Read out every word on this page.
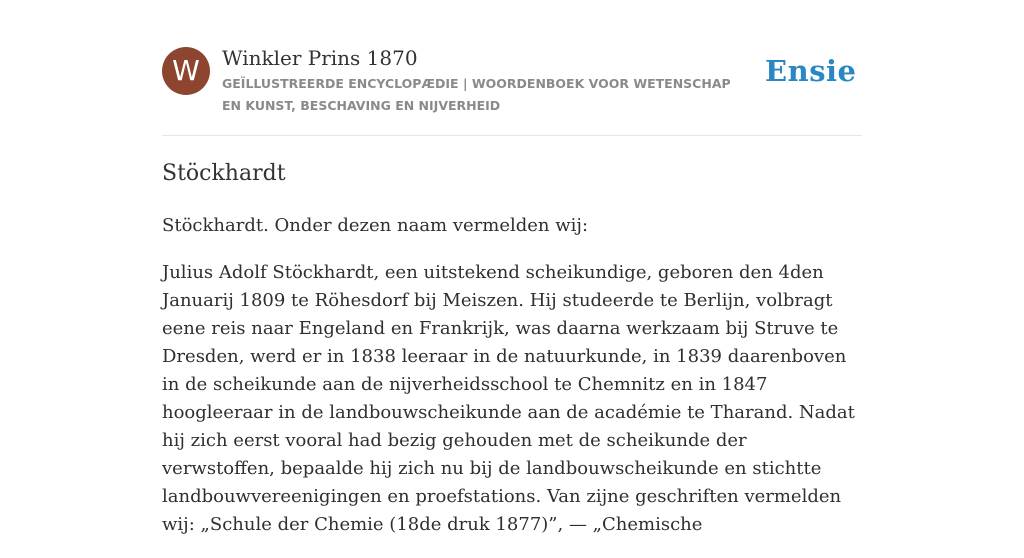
W	Winkler Prins 1870
GEÏLLUSTREERDE ENCYCLOPÆDIE | WOORDENBOEK VOOR WETENSCHAP EN KUNST, BESCHAVING EN NIJVERHEID
Ensie
Stöckhardt

Stöckhardt. Onder dezen naam vermelden wij:

Julius Adolf Stöckhardt, een uitstekend scheikundige, geboren den 4den Januarij 1809 te Röhesdorf bij Meiszen. Hij studeerde te Berlijn, volbragt eene reis naar Engeland en Frankrijk, was daarna werkzaam bij Struve te Dresden, werd er in 1838 leeraar in de natuurkunde, in 1839 daarenboven in de scheikunde aan de nijverheidsschool te Chemnitz en in 1847 hoogleeraar in de landbouwscheikunde aan de académie te Tharand. Nadat hij zich eerst vooral had bezig gehouden met de scheikunde der verwstoffen, bepaalde hij zich nu bij de landbouwscheikunde en stichtte landbouwvereenigingen en proefstations. Van zijne geschriften vermelden wij: „Schule der Chemie (18de druk 1877)”, — „Chemische
